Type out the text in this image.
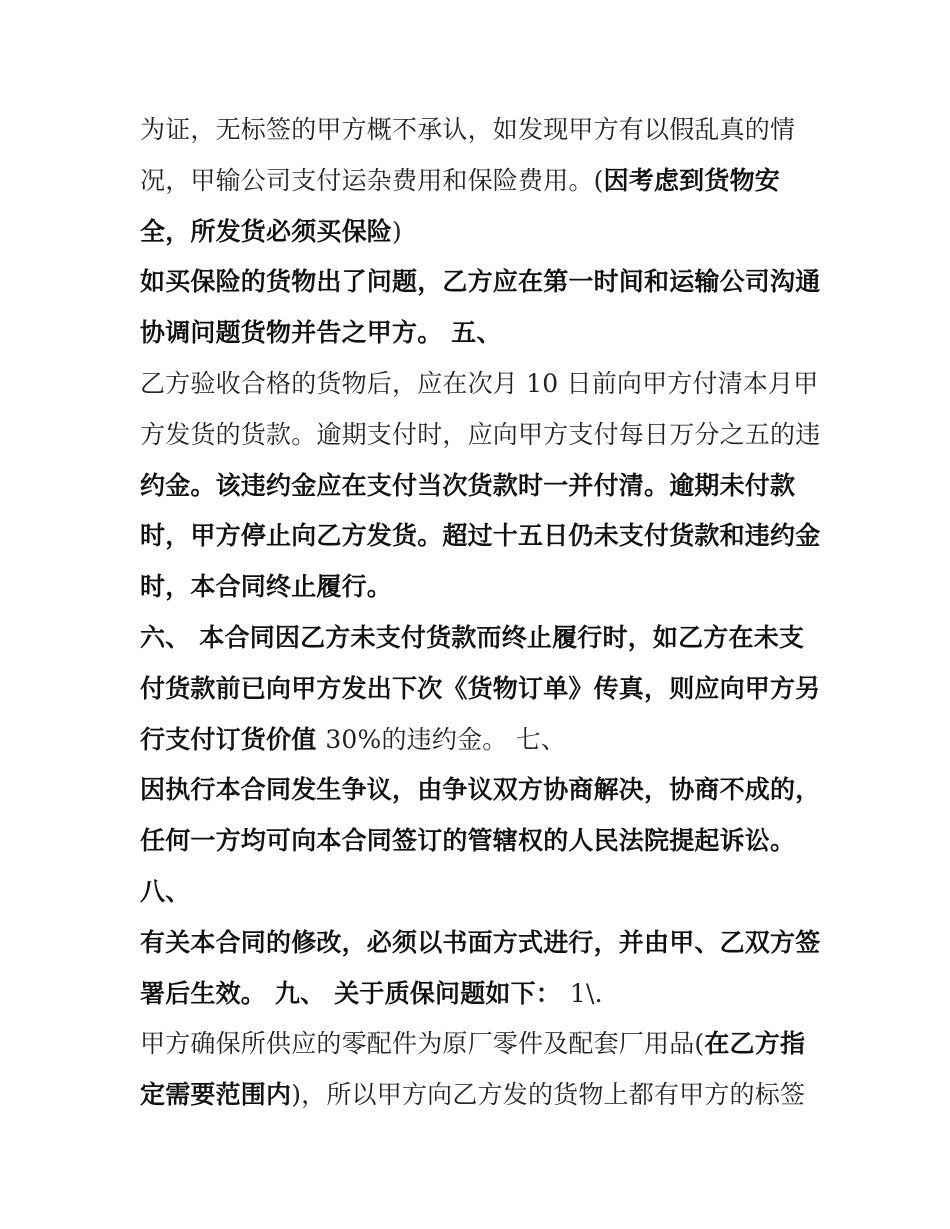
为证，无标签的甲方概不承认，如发现甲方有以假乱真的情
况，甲输公司支付运杂费用和保险费用。(因考虑到货物安
全，所发货必须买保险)
如买保险的货物出了问题，乙方应在第一时间和运输公司沟通
协调问题货物并告之甲方。 五、
乙方验收合格的货物后，应在次月 10 日前向甲方付清本月甲
方发货的货款。逾期支付时，应向甲方支付每日万分之五的违
约金。该违约金应在支付当次货款时一并付清。逾期未付款
时，甲方停止向乙方发货。超过十五日仍未支付货款和违约金
时，本合同终止履行。
六、 本合同因乙方未支付货款而终止履行时，如乙方在未支
付货款前已向甲方发出下次《货物订单》传真，则应向甲方另
行支付订货价值 30%的违约金。 七、
因执行本合同发生争议，由争议双方协商解决，协商不成的，
任何一方均可向本合同签订的管辖权的人民法院提起诉讼。
八、
有关本合同的修改，必须以书面方式进行，并由甲、乙双方签
署后生效。 九、 关于质保问题如下： 1\.
甲方确保所供应的零配件为原厂零件及配套厂用品(在乙方指
定需要范围内)，所以甲方向乙方发的货物上都有甲方的标签
